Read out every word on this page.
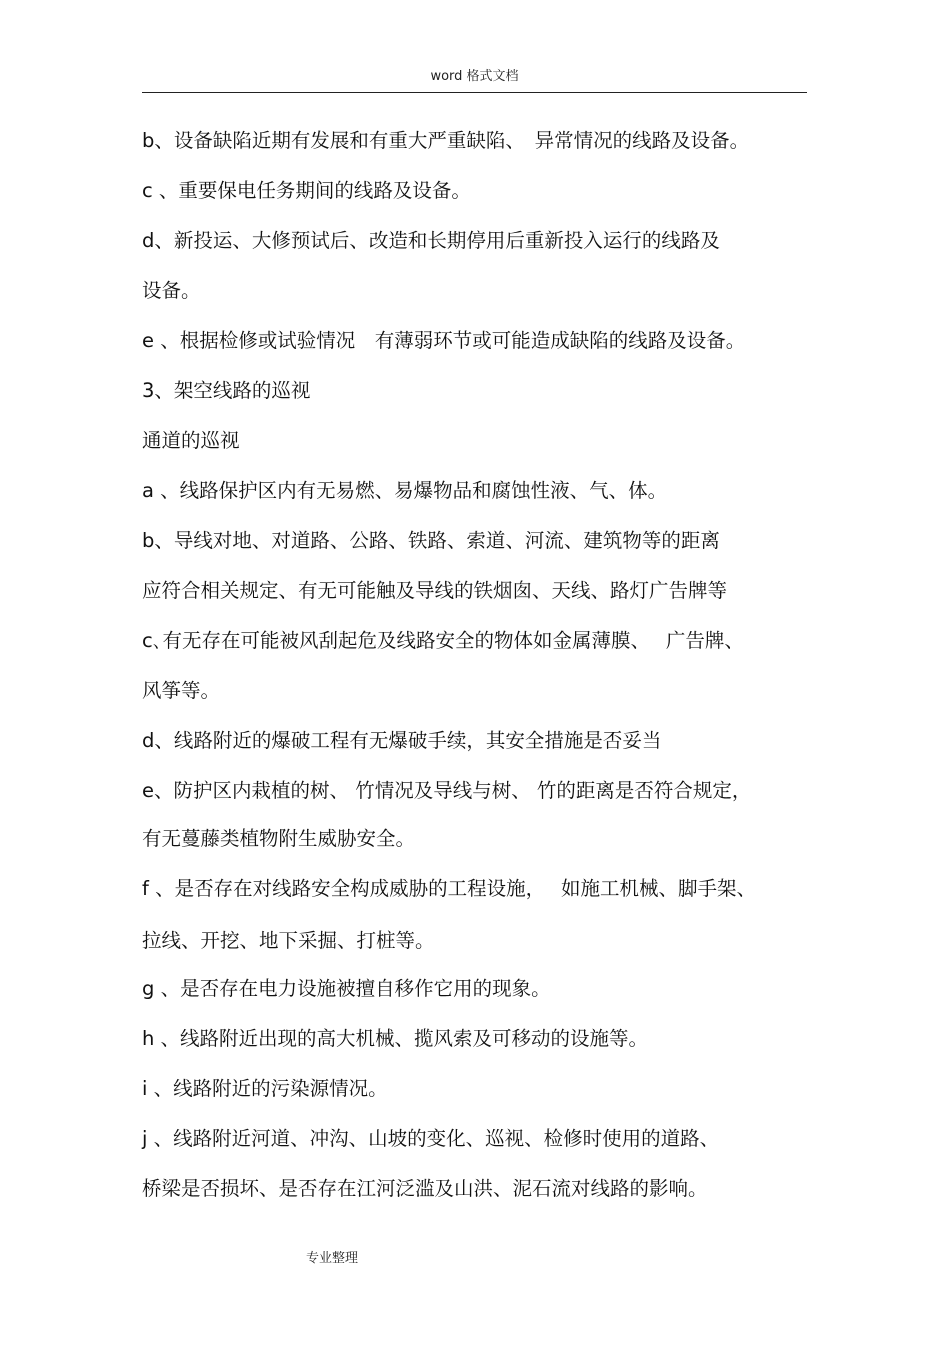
word 格式文档
b、设备缺陷近期有发展和有重大严重缺陷、　异常情况的线路及设备。
c 、重要保电任务期间的线路及设备。
d、新投运、大修预试后、改造和长期停用后重新投入运行的线路及
设备。
e 、根据检修或试验情况　有薄弱环节或可能造成缺陷的线路及设备。
3、架空线路的巡视
通道的巡视
a 、线路保护区内有无易燃、易爆物品和腐蚀性液、气、体。
b、导线对地、对道路、公路、铁路、索道、河流、建筑物等的距离
应符合相关规定、有无可能触及导线的铁烟囱、天线、路灯广告牌等
c､有无存在可能被风刮起危及线路安全的物体如金属薄膜、　 广告牌、
风筝等。
d、线路附近的爆破工程有无爆破手续，其安全措施是否妥当
e、防护区内栽植的树、 竹情况及导线与树、 竹的距离是否符合规定，
有无蔓藤类植物附生威胁安全。
f 、是否存在对线路安全构成威胁的工程设施，　 如施工机械、脚手架、
拉线、开挖、地下采掘、打桩等。
g 、是否存在电力设施被擅自移作它用的现象。
h 、线路附近出现的高大机械、揽风索及可移动的设施等。
i 、线路附近的污染源情况。
j 、线路附近河道、冲沟、山坡的变化、巡视、检修时使用的道路、
桥梁是否损坏、是否存在江河泛滥及山洪、泥石流对线路的影响。
专业整理
